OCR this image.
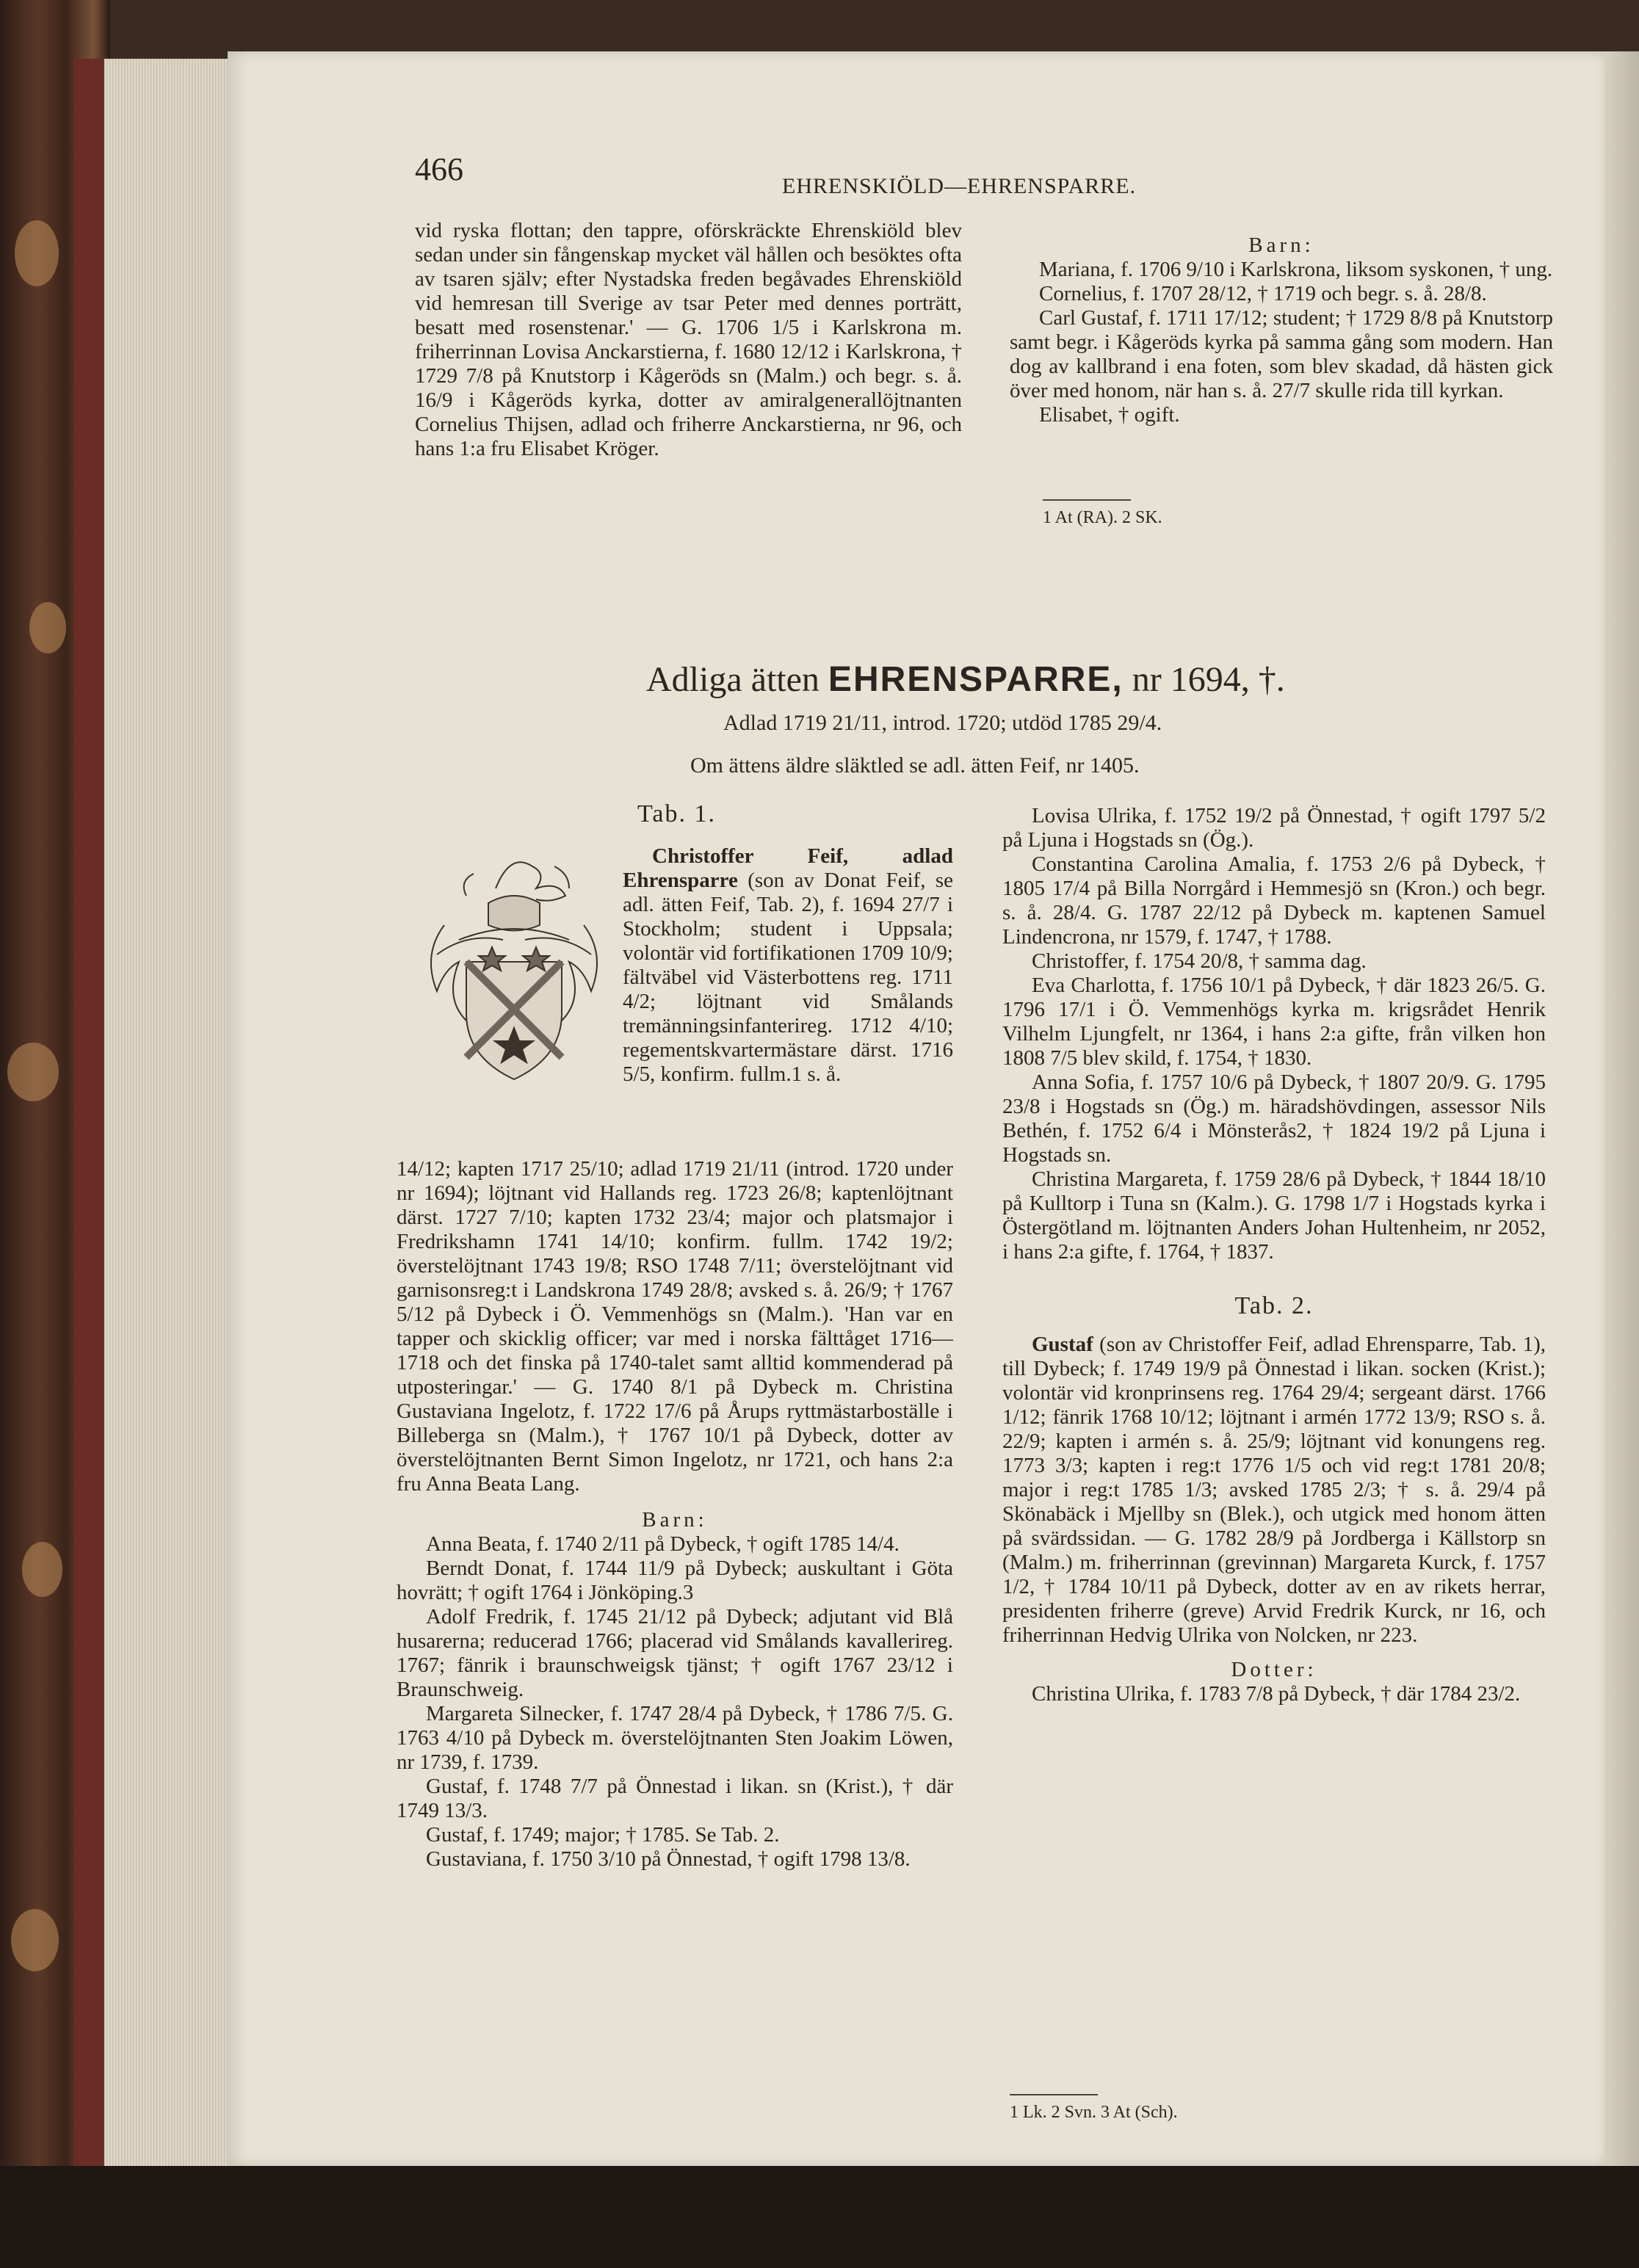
466	EHRENSKIÖLD—EHRENSPARRE.

vid ryska flottan; den tappre, oförskräckte Ehrenskiöld blev sedan under sin fångenskap mycket väl hållen och besöktes ofta av tsaren själv; efter Nystadska freden begåvades Ehrenskiöld vid hemresan till Sverige av tsar Peter med dennes porträtt, besatt med rosenstenar.' — G. 1706 1/5 i Karlskrona m. friherrinnan Lovisa Anckarstierna, f. 1680 12/12 i Karlskrona, † 1729 7/8 på Knutstorp i Kågeröds sn (Malm.) och begr. s. å. 16/9 i Kågeröds kyrka, dotter av amiralgenerallöjtnanten Cornelius Thijsen, adlad och friherre Anckarstierna, nr 96, och hans 1:a fru Elisabet Kröger.

Barn:

Mariana, f. 1706 9/10 i Karlskrona, liksom syskonen, † ung.

Cornelius, f. 1707 28/12, † 1719 och begr. s. å. 28/8.

Carl Gustaf, f. 1711 17/12; student; † 1729 8/8 på Knutstorp samt begr. i Kågeröds kyrka på samma gång som modern. Han dog av kallbrand i ena foten, som blev skadad, då hästen gick över med honom, när han s. å. 27/7 skulle rida till kyrkan.

Elisabet, † ogift.

1 At (RA). 2 SK.
Adliga ätten EHRENSPARRE, nr 1694, †.
Adlad 1719 21/11, introd. 1720; utdöd 1785 29/4.
Om ättens äldre släktled se adl. ätten Feif, nr 1405.
Tab. 1.

Christoffer Feif, adlad Ehrensparre (son av Donat Feif, se adl. ätten Feif, Tab. 2), f. 1694 27/7 i Stockholm; student i Uppsala; volontär vid fortifikationen 1709 10/9; fältväbel vid Västerbottens reg. 1711 4/2; löjtnant vid Smålands tremänningsinfanterireg. 1712 4/10; regementskvartermästare därst. 1716 5/5, konfirm. fullm.1 s. å.

14/12; kapten 1717 25/10; adlad 1719 21/11 (introd. 1720 under nr 1694); löjtnant vid Hallands reg. 1723 26/8; kaptenlöjtnant därst. 1727 7/10; kapten 1732 23/4; major och platsmajor i Fredrikshamn 1741 14/10; konfirm. fullm. 1742 19/2; överstelöjtnant 1743 19/8; RSO 1748 7/11; överstelöjtnant vid garnisonsreg:t i Landskrona 1749 28/8; avsked s. å. 26/9; † 1767 5/12 på Dybeck i Ö. Vemmenhögs sn (Malm.). 'Han var en tapper och skicklig officer; var med i norska fälttåget 1716—1718 och det finska på 1740-talet samt alltid kommenderad på utposteringar.' — G. 1740 8/1 på Dybeck m. Christina Gustaviana Ingelotz, f. 1722 17/6 på Årups ryttmästarboställe i Billeberga sn (Malm.), † 1767 10/1 på Dybeck, dotter av överstelöjtnanten Bernt Simon Ingelotz, nr 1721, och hans 2:a fru Anna Beata Lang.

Barn:

Anna Beata, f. 1740 2/11 på Dybeck, † ogift 1785 14/4.

Berndt Donat, f. 1744 11/9 på Dybeck; auskultant i Göta hovrätt; † ogift 1764 i Jönköping.3

Adolf Fredrik, f. 1745 21/12 på Dybeck; adjutant vid Blå husarerna; reducerad 1766; placerad vid Smålands kavallerireg. 1767; fänrik i braunschweigsk tjänst; † ogift 1767 23/12 i Braunschweig.

Margareta Silnecker, f. 1747 28/4 på Dybeck, † 1786 7/5. G. 1763 4/10 på Dybeck m. överstelöjtnanten Sten Joakim Löwen, nr 1739, f. 1739.

Gustaf, f. 1748 7/7 på Önnestad i likan. sn (Krist.), † där 1749 13/3.

Gustaf, f. 1749; major; † 1785. Se Tab. 2.

Gustaviana, f. 1750 3/10 på Önnestad, † ogift 1798 13/8.

Lovisa Ulrika, f. 1752 19/2 på Önnestad, † ogift 1797 5/2 på Ljuna i Hogstads sn (Ög.).

Constantina Carolina Amalia, f. 1753 2/6 på Dybeck, † 1805 17/4 på Billa Norrgård i Hemmesjö sn (Kron.) och begr. s. å. 28/4. G. 1787 22/12 på Dybeck m. kaptenen Samuel Lindencrona, nr 1579, f. 1747, † 1788.

Christoffer, f. 1754 20/8, † samma dag.

Eva Charlotta, f. 1756 10/1 på Dybeck, † där 1823 26/5. G. 1796 17/1 i Ö. Vemmenhögs kyrka m. krigsrådet Henrik Vilhelm Ljungfelt, nr 1364, i hans 2:a gifte, från vilken hon 1808 7/5 blev skild, f. 1754, † 1830.

Anna Sofia, f. 1757 10/6 på Dybeck, † 1807 20/9. G. 1795 23/8 i Hogstads sn (Ög.) m. häradshövdingen, assessor Nils Bethén, f. 1752 6/4 i Mönsterås2, † 1824 19/2 på Ljuna i Hogstads sn.

Christina Margareta, f. 1759 28/6 på Dybeck, † 1844 18/10 på Kulltorp i Tuna sn (Kalm.). G. 1798 1/7 i Hogstads kyrka i Östergötland m. löjtnanten Anders Johan Hultenheim, nr 2052, i hans 2:a gifte, f. 1764, † 1837.

Tab. 2.

Gustaf (son av Christoffer Feif, adlad Ehrensparre, Tab. 1), till Dybeck; f. 1749 19/9 på Önnestad i likan. socken (Krist.); volontär vid kronprinsens reg. 1764 29/4; sergeant därst. 1766 1/12; fänrik 1768 10/12; löjtnant i armén 1772 13/9; RSO s. å. 22/9; kapten i armén s. å. 25/9; löjtnant vid konungens reg. 1773 3/3; kapten i reg:t 1776 1/5 och vid reg:t 1781 20/8; major i reg:t 1785 1/3; avsked 1785 2/3; † s. å. 29/4 på Skönabäck i Mjellby sn (Blek.), och utgick med honom ätten på svärdssidan. — G. 1782 28/9 på Jordberga i Källstorp sn (Malm.) m. friherrinnan (grevinnan) Margareta Kurck, f. 1757 1/2, † 1784 10/11 på Dybeck, dotter av en av rikets herrar, presidenten friherre (greve) Arvid Fredrik Kurck, nr 16, och friherrinnan Hedvig Ulrika von Nolcken, nr 223.

Dotter:

Christina Ulrika, f. 1783 7/8 på Dybeck, † där 1784 23/2.

1 Lk. 2 Svn. 3 At (Sch).
